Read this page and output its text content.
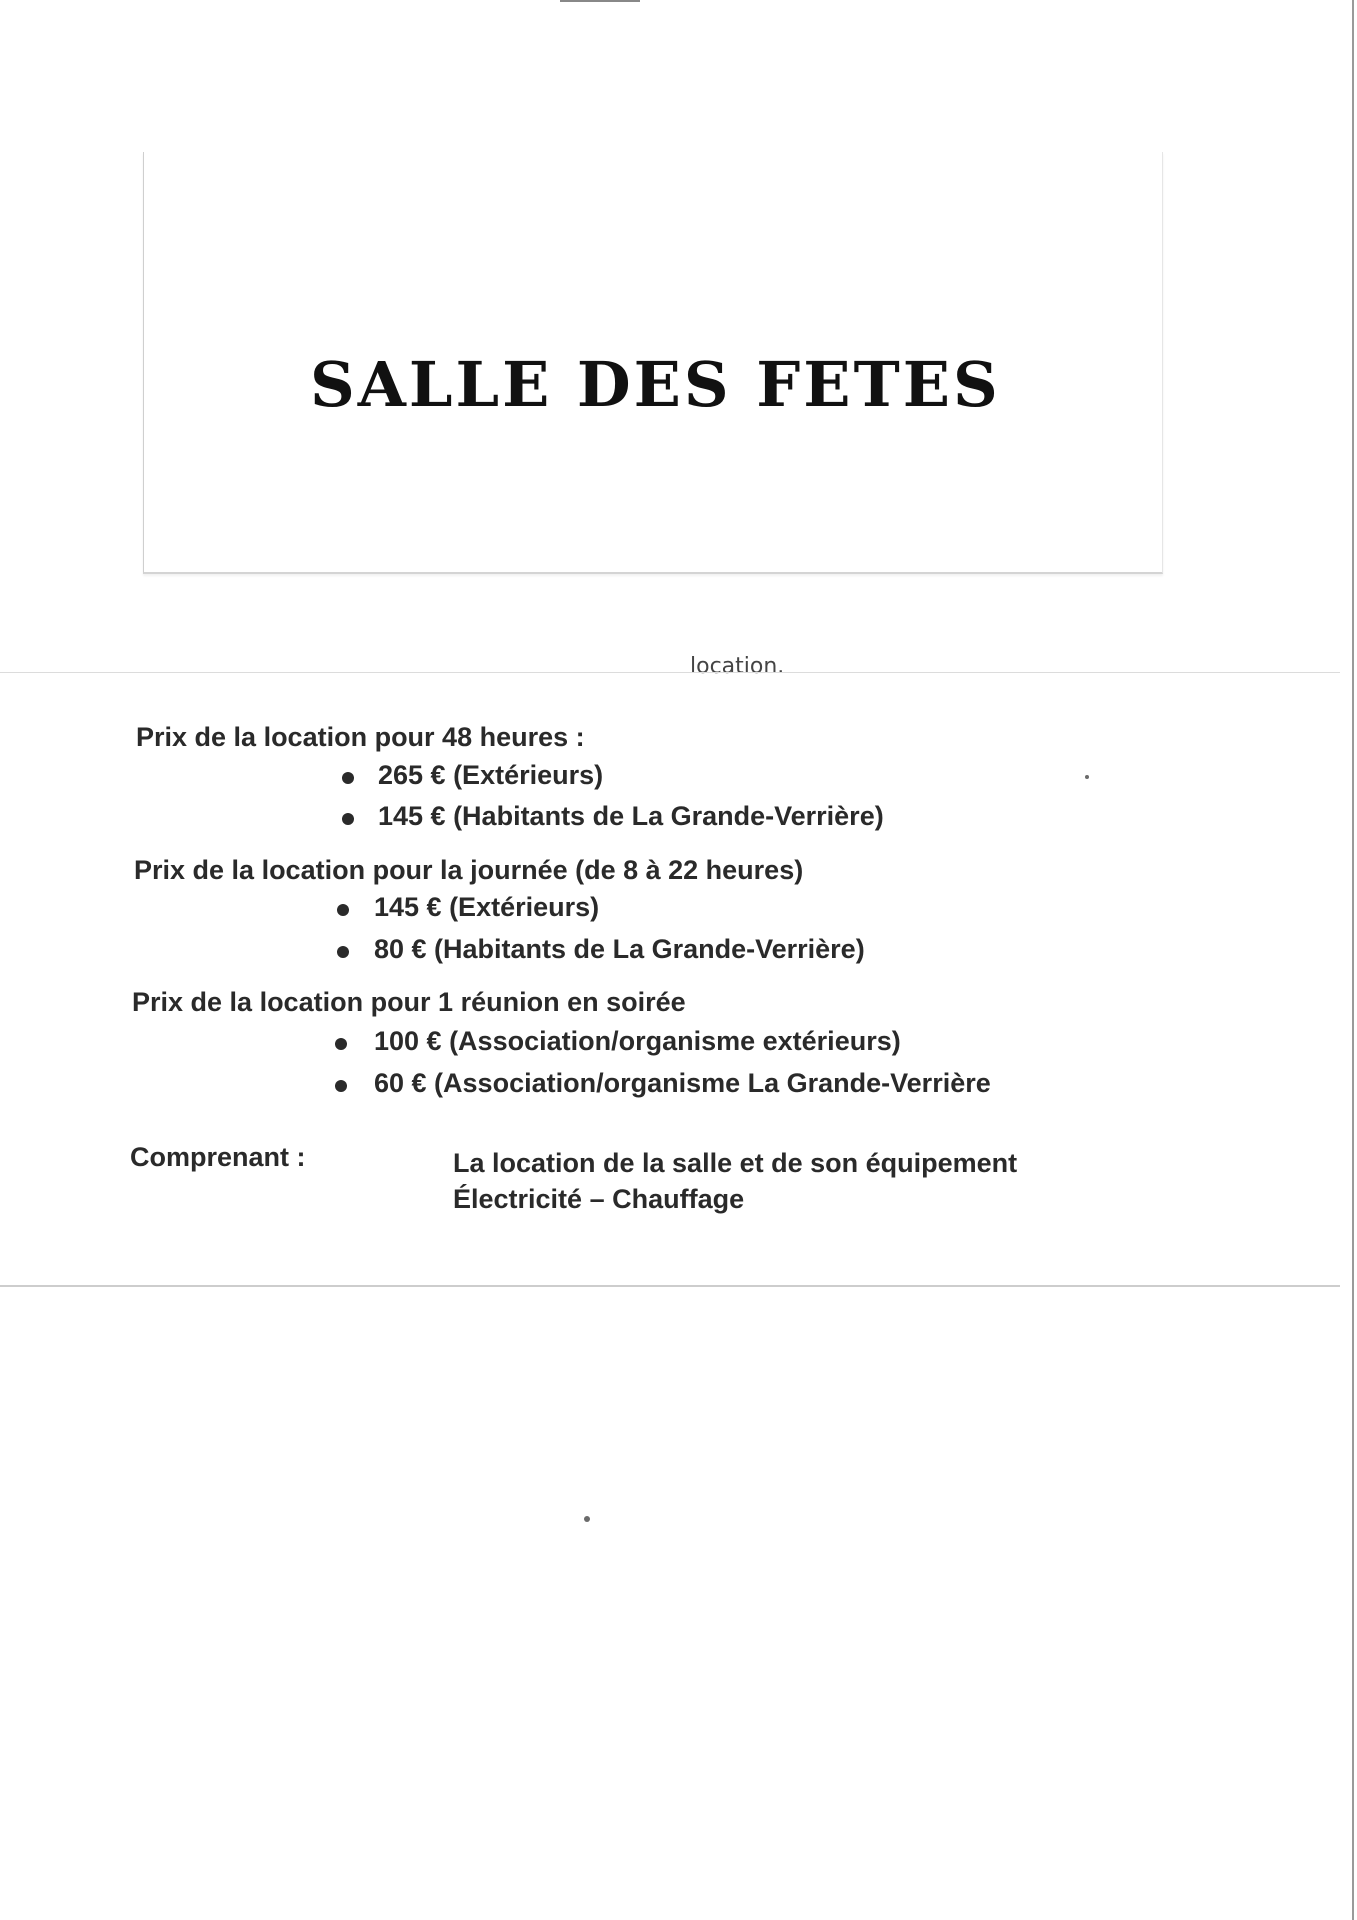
SALLE DES FETES
location.

Prix de la location pour 48 heures :

265 € (Extérieurs)
145 € (Habitants de La Grande-Verrière)

Prix de la location pour la journée (de 8 à 22 heures)

145 € (Extérieurs)
80 € (Habitants de La Grande-Verrière)

Prix de la location pour 1 réunion en soirée

100 € (Association/organisme extérieurs)
60 € (Association/organisme La Grande-Verrière

Comprenant :	La location de la salle et de son équipement
Électricité – Chauffage
